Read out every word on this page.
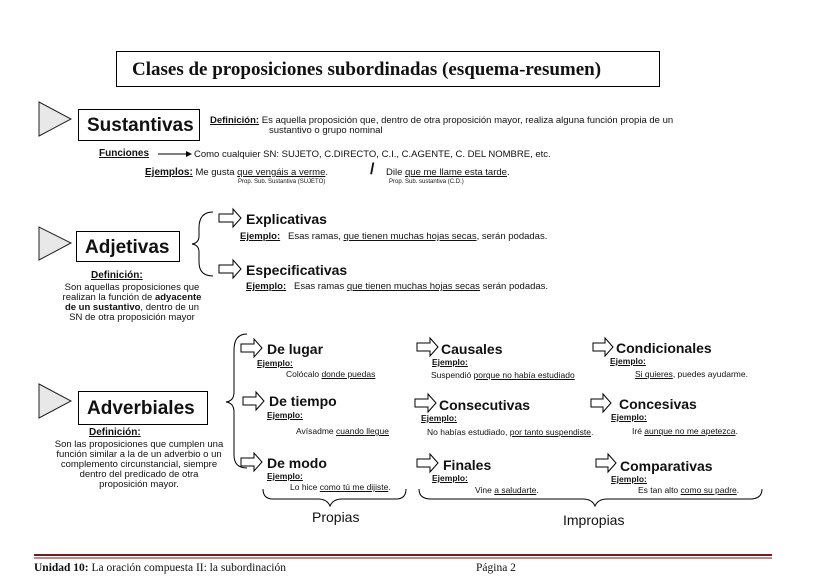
Clases de proposiciones subordinadas (esquema-resumen)
Sustantivas Definición: Es aquella proposición que, dentro de otra proposición mayor, realiza alguna función propia de un
sustantivo o grupo nominal
Funciones	Como cualquier SN: SUJETO, C.DIRECTO, C.I., C.AGENTE, C. DEL NOMBRE, etc.
Ejemplos: Me gusta que vengáis a verme.
Prop. Sub. Sustantiva (SUJETO)
/ Dile que me llame esta tarde.
Prop. Sub. sustantiva (C.D.)
Adjetivas
Definición:
Son aquellas proposiciones que realizan la función de adyacente de un sustantivo, dentro de un SN de otra proposición mayor
Explicativas
Ejemplo: Esas ramas, que tienen muchas hojas secas, serán podadas.
Especificativas
Ejemplo: Esas ramas que tienen muchas hojas secas serán podadas.
Adverbiales
Definición:
Son las proposiciones que cumplen una función similar a la de un adverbio o un complemento circunstancial, siempre dentro del predicado de otra proposición mayor.
De lugar
Ejemplo:
Colócalo donde puedas
De tiempo
Ejemplo:
Avísadme cuando llegue
De modo
Ejemplo:
Lo hice como tú me dijiste.
Causales
Ejemplo:
Suspendió porque no había estudiado
Consecutivas
Ejemplo:
No habías estudiado, por tanto suspendiste.
Finales
Ejemplo:
Vine a saludarte.
Condicionales
Ejemplo:
Si quieres, puedes ayudarme.
Concesivas
Ejemplo:
Iré aunque no me apetezca.
Comparativas
Ejemplo:
Es tan alto como su padre.
Propias	Impropias
Unidad 10: La oración compuesta II: la subordinación	Página 2
